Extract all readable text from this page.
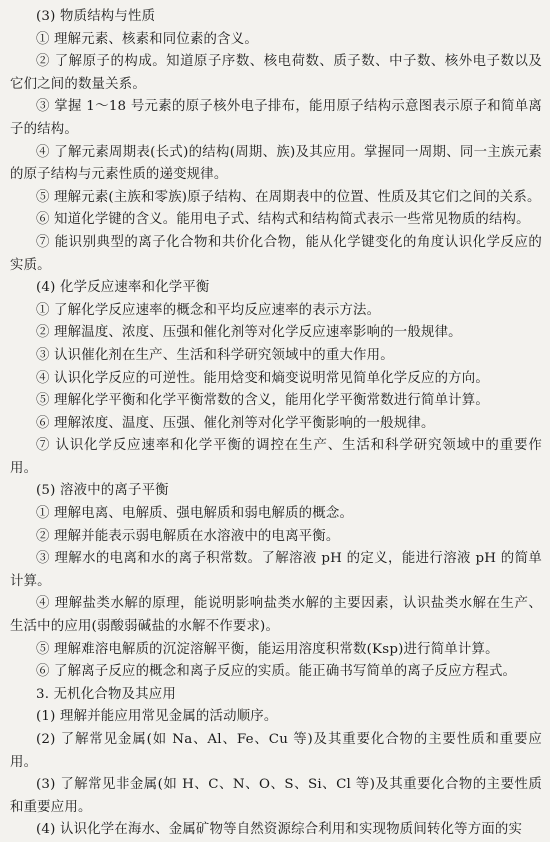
(3) 物质结构与性质

① 理解元素、核素和同位素的含义。

② 了解原子的构成。知道原子序数、核电荷数、质子数、中子数、核外电子数以及它们之间的数量关系。

③ 掌握 1～18 号元素的原子核外电子排布，能用原子结构示意图表示原子和简单离子的结构。

④ 了解元素周期表(长式)的结构(周期、族)及其应用。掌握同一周期、同一主族元素的原子结构与元素性质的递变规律。

⑤ 理解元素(主族和零族)原子结构、在周期表中的位置、性质及其它们之间的关系。

⑥ 知道化学键的含义。能用电子式、结构式和结构简式表示一些常见物质的结构。

⑦ 能识别典型的离子化合物和共价化合物，能从化学键变化的角度认识化学反应的实质。

(4) 化学反应速率和化学平衡

① 了解化学反应速率的概念和平均反应速率的表示方法。

② 理解温度、浓度、压强和催化剂等对化学反应速率影响的一般规律。

③ 认识催化剂在生产、生活和科学研究领域中的重大作用。

④ 认识化学反应的可逆性。能用焓变和熵变说明常见简单化学反应的方向。

⑤ 理解化学平衡和化学平衡常数的含义，能用化学平衡常数进行简单计算。

⑥ 理解浓度、温度、压强、催化剂等对化学平衡影响的一般规律。

⑦ 认识化学反应速率和化学平衡的调控在生产、生活和科学研究领域中的重要作用。

(5) 溶液中的离子平衡

① 理解电离、电解质、强电解质和弱电解质的概念。

② 理解并能表示弱电解质在水溶液中的电离平衡。

③ 理解水的电离和水的离子积常数。了解溶液 pH 的定义，能进行溶液 pH 的简单计算。

④ 理解盐类水解的原理，能说明影响盐类水解的主要因素，认识盐类水解在生产、生活中的应用(弱酸弱碱盐的水解不作要求)。

⑤ 理解难溶电解质的沉淀溶解平衡，能运用溶度积常数(Ksp)进行简单计算。

⑥ 了解离子反应的概念和离子反应的实质。能正确书写简单的离子反应方程式。

3. 无机化合物及其应用

(1) 理解并能应用常见金属的活动顺序。

(2) 了解常见金属(如 Na、Al、Fe、Cu 等)及其重要化合物的主要性质和重要应用。

(3) 了解常见非金属(如 H、C、N、O、S、Si、Cl 等)及其重要化合物的主要性质和重要应用。

(4) 认识化学在海水、金属矿物等自然资源综合利用和实现物质间转化等方面的实
